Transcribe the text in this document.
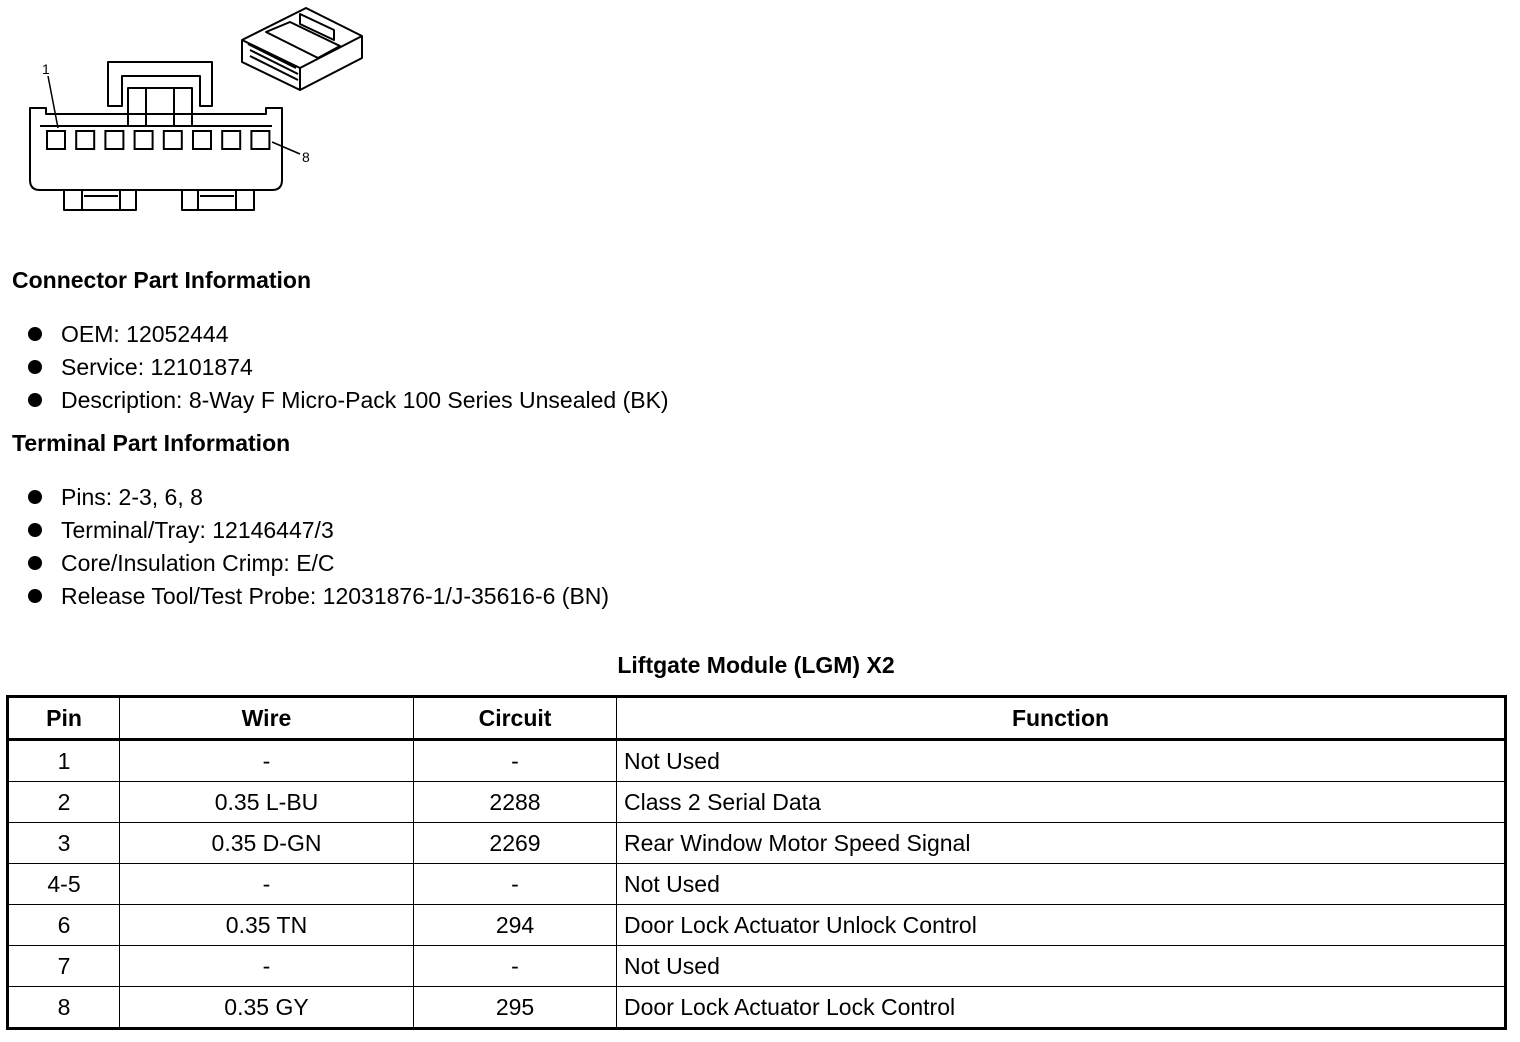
1
8
Connector Part Information
OEM: 12052444
Service: 12101874
Description: 8-Way F Micro-Pack 100 Series Unsealed (BK)
Terminal Part Information
Pins: 2-3, 6, 8
Terminal/Tray: 12146447/3
Core/Insulation Crimp: E/C
Release Tool/Test Probe: 12031876-1/J-35616-6 (BN)
Liftgate Module (LGM) X2
Pin	Wire	Circuit	Function
1	-	-	Not Used
2	0.35 L-BU	2288	Class 2 Serial Data
3	0.35 D-GN	2269	Rear Window Motor Speed Signal
4-5	-	-	Not Used
6	0.35 TN	294	Door Lock Actuator Unlock Control
7	-	-	Not Used
8	0.35 GY	295	Door Lock Actuator Lock Control
